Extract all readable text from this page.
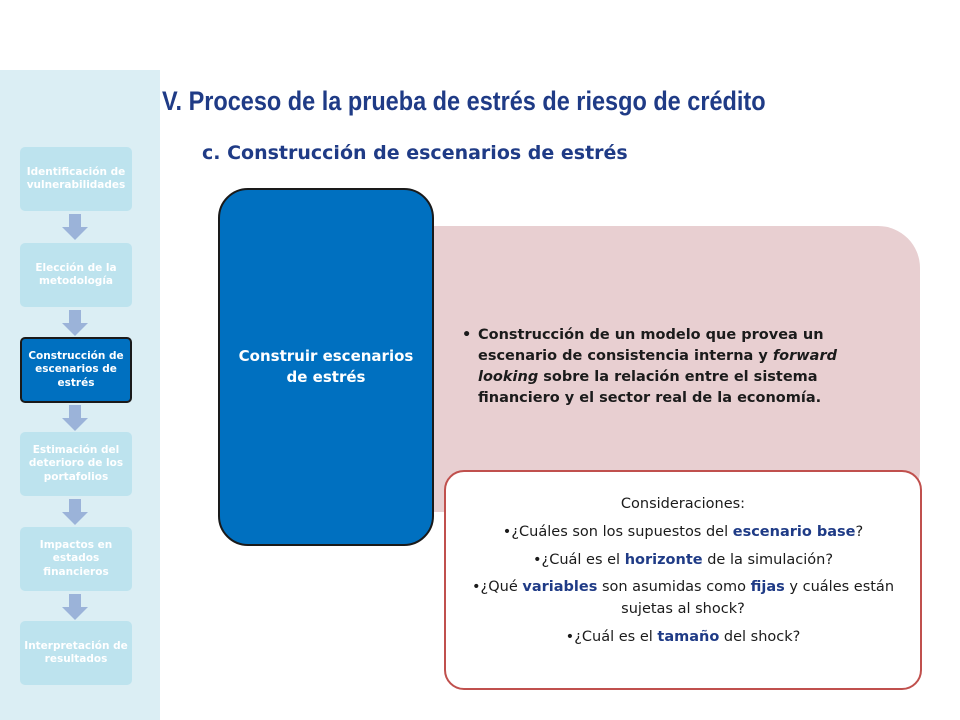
Identificación de vulnerabilidades
Elección de la metodología
Construcción de escenarios de estrés
Estimación del deterioro de los portafolios
Impactos en estados financieros
Interpretación de resultados
V. Proceso de la prueba de estrés de riesgo de crédito
c. Construcción de escenarios de estrés
• Construcción de un modelo que provea un escenario de consistencia interna y forward looking sobre la relación entre el sistema financiero y el sector real de la economía.
Construir escenarios de estrés

Consideraciones:

•¿Cuáles son los supuestos del escenario base?

•¿Cuál es el horizonte de la simulación?

•¿Qué variables son asumidas como fijas y cuáles están sujetas al shock?

•¿Cuál es el tamaño del shock?
